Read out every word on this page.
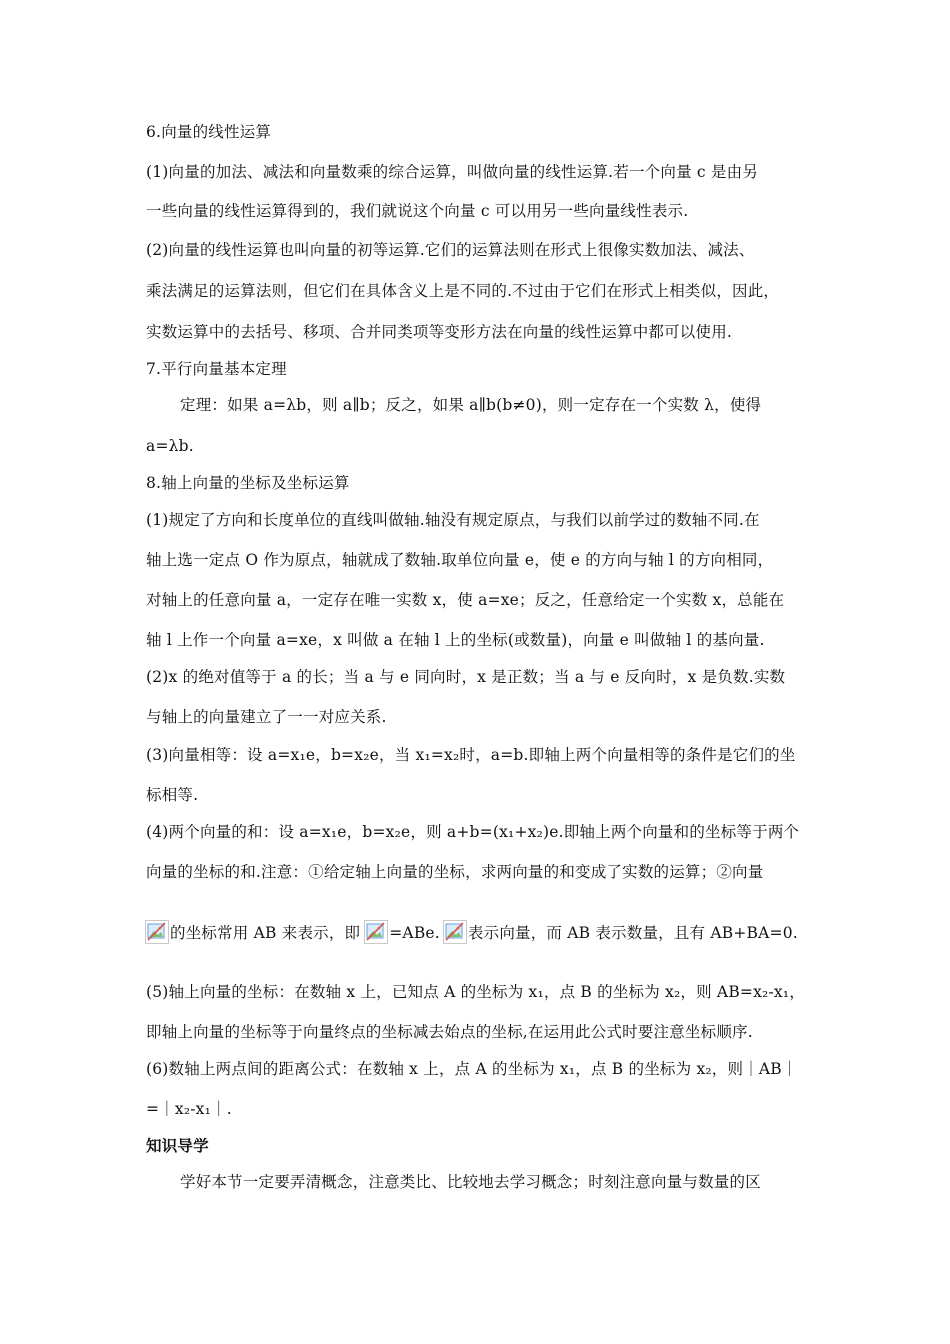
6.向量的线性运算
(1)向量的加法、减法和向量数乘的综合运算，叫做向量的线性运算.若一个向量 c 是由另
一些向量的线性运算得到的，我们就说这个向量 c 可以用另一些向量线性表示.
(2)向量的线性运算也叫向量的初等运算.它们的运算法则在形式上很像实数加法、减法、
乘法满足的运算法则，但它们在具体含义上是不同的.不过由于它们在形式上相类似，因此，
实数运算中的去括号、移项、合并同类项等变形方法在向量的线性运算中都可以使用.
7.平行向量基本定理
定理：如果 a=λb，则 a∥b；反之，如果 a∥b(b≠0)，则一定存在一个实数 λ，使得
a=λb.
8.轴上向量的坐标及坐标运算
(1)规定了方向和长度单位的直线叫做轴.轴没有规定原点，与我们以前学过的数轴不同.在
轴上选一定点 O 作为原点，轴就成了数轴.取单位向量 e，使 e 的方向与轴 l 的方向相同，
对轴上的任意向量 a，一定存在唯一实数 x，使 a=xe；反之，任意给定一个实数 x，总能在
轴 l 上作一个向量 a=xe，x 叫做 a 在轴 l 上的坐标(或数量)，向量 e 叫做轴 l 的基向量.
(2)x 的绝对值等于 a 的长；当 a 与 e 同向时，x 是正数；当 a 与 e 反向时，x 是负数.实数
与轴上的向量建立了一一对应关系.
(3)向量相等：设 a=x₁e，b=x₂e，当 x₁=x₂时，a=b.即轴上两个向量相等的条件是它们的坐
标相等.
(4)两个向量的和：设 a=x₁e，b=x₂e，则 a+b=(x₁+x₂)e.即轴上两个向量和的坐标等于两个
向量的坐标的和.注意：①给定轴上向量的坐标，求两向量的和变成了实数的运算；②向量
的坐标常用 AB 来表示，即 =ABe. 表示向量，而 AB 表示数量，且有 AB+BA=0.
(5)轴上向量的坐标：在数轴 x 上，已知点 A 的坐标为 x₁，点 B 的坐标为 x₂，则 AB=x₂-x₁，
即轴上向量的坐标等于向量终点的坐标减去始点的坐标,在运用此公式时要注意坐标顺序.
(6)数轴上两点间的距离公式：在数轴 x 上，点 A 的坐标为 x₁，点 B 的坐标为 x₂，则｜AB｜
=｜x₂-x₁｜.
知识导学
学好本节一定要弄清概念，注意类比、比较地去学习概念；时刻注意向量与数量的区
